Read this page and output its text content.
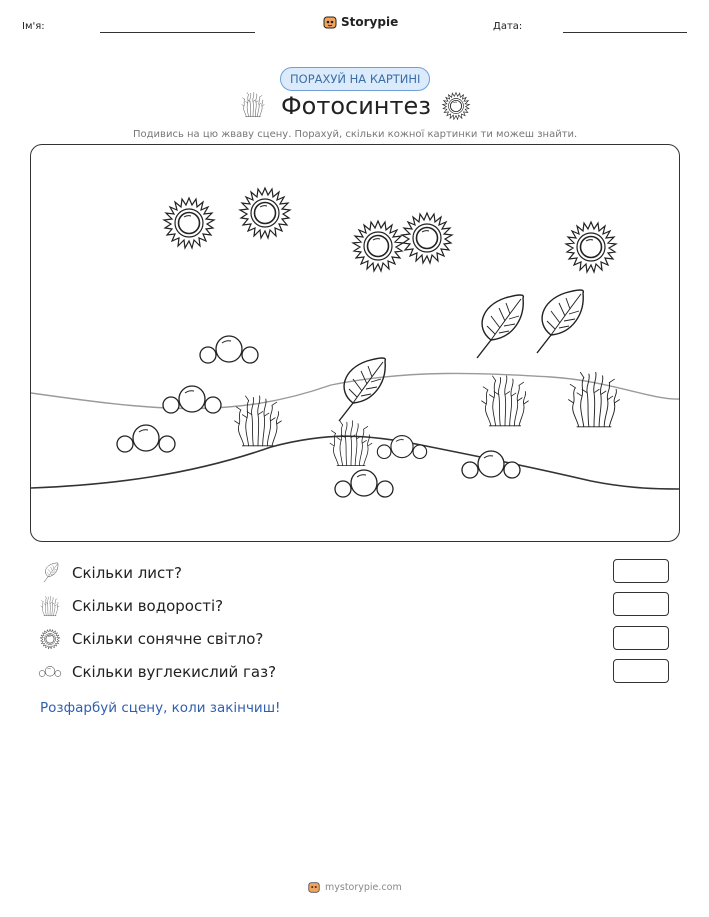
Ім'я:	Storypie	Дата:
ПОРАХУЙ НА КАРТИНІ
Фотосинтез
Подивись на цю жваву сцену. Порахуй, скільки кожної картинки ти можеш знайти.
Скільки лист?
Скільки водорості?
Скільки сонячне світло?
Скільки вуглекислий газ?
Розфарбуй сцену, коли закінчиш!
mystorypie.com
